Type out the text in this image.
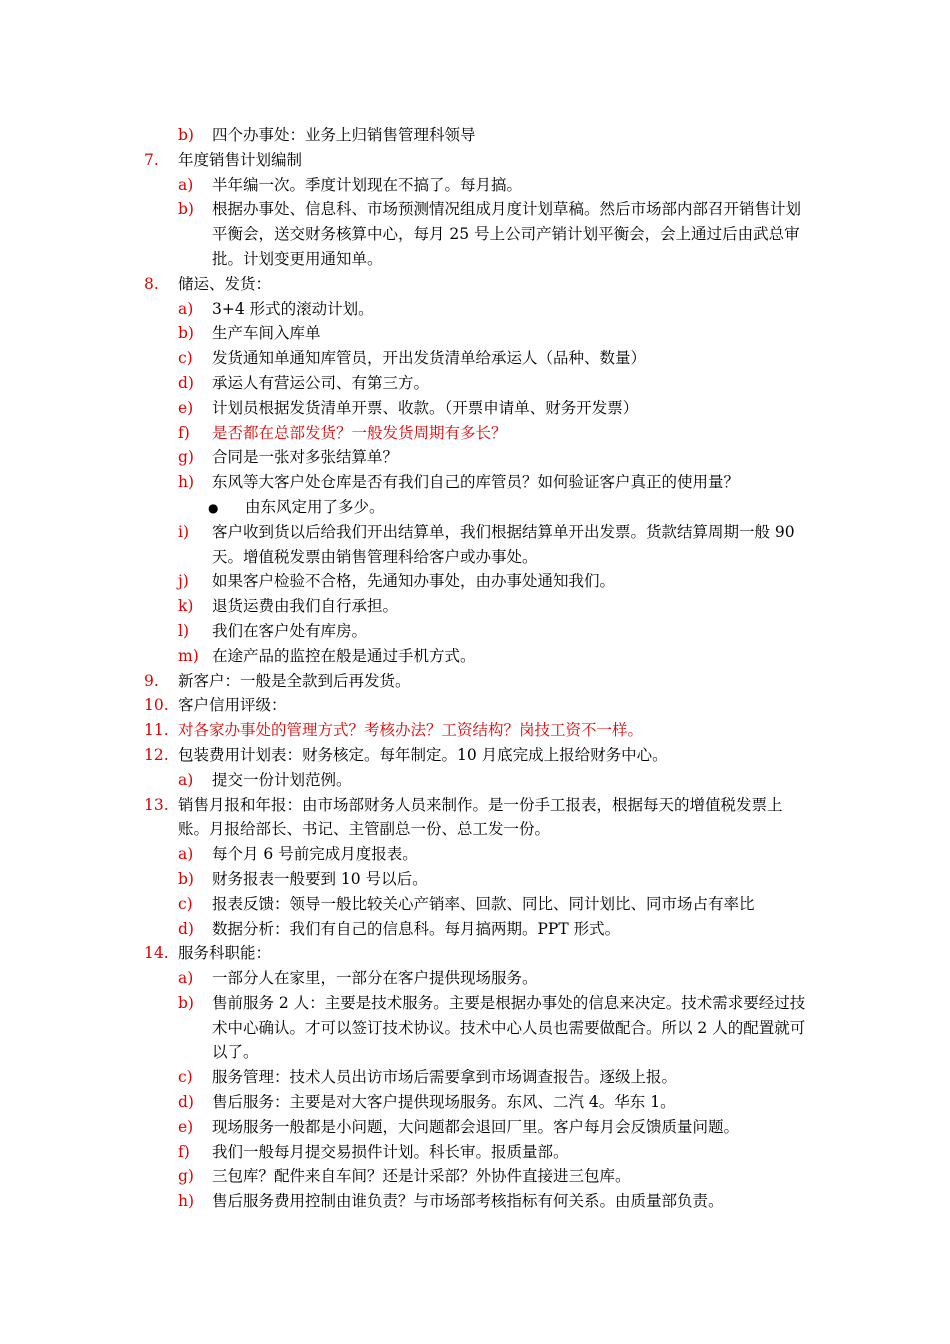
b) 四个办事处：业务上归销售管理科领导
7. 年度销售计划编制
a) 半年编一次。季度计划现在不搞了。每月搞。
b) 根据办事处、信息科、市场预测情况组成月度计划草稿。然后市场部内部召开销售计划平衡会，送交财务核算中心，每月 25 号上公司产销计划平衡会，会上通过后由武总审批。计划变更用通知单。
8. 储运、发货：
a) 3+4 形式的滚动计划。
b) 生产车间入库单
c) 发货通知单通知库管员，开出发货清单给承运人（品种、数量）
d) 承运人有营运公司、有第三方。
e) 计划员根据发货清单开票、收款。（开票申请单、财务开发票）
f) 是否都在总部发货？一般发货周期有多长？
g) 合同是一张对多张结算单？
h) 东风等大客户处仓库是否有我们自己的库管员？如何验证客户真正的使用量？
● 由东风定用了多少。
i) 客户收到货以后给我们开出结算单，我们根据结算单开出发票。货款结算周期一般 90 天。增值税发票由销售管理科给客户或办事处。
j) 如果客户检验不合格，先通知办事处，由办事处通知我们。
k) 退货运费由我们自行承担。
l) 我们在客户处有库房。
m) 在途产品的监控在般是通过手机方式。
9. 新客户：一般是全款到后再发货。
10. 客户信用评级：
11. 对各家办事处的管理方式？考核办法？工资结构？岗技工资不一样。
12. 包装费用计划表：财务核定。每年制定。10 月底完成上报给财务中心。
a) 提交一份计划范例。
13. 销售月报和年报：由市场部财务人员来制作。是一份手工报表，根据每天的增值税发票上账。月报给部长、书记、主管副总一份、总工发一份。
a) 每个月 6 号前完成月度报表。
b) 财务报表一般要到 10 号以后。
c) 报表反馈：领导一般比较关心产销率、回款、同比、同计划比、同市场占有率比
d) 数据分析：我们有自己的信息科。每月搞两期。PPT 形式。
14. 服务科职能：
a) 一部分人在家里，一部分在客户提供现场服务。
b) 售前服务 2 人：主要是技术服务。主要是根据办事处的信息来决定。技术需求要经过技术中心确认。才可以签订技术协议。技术中心人员也需要做配合。所以 2 人的配置就可以了。
c) 服务管理：技术人员出访市场后需要拿到市场调查报告。逐级上报。
d) 售后服务：主要是对大客户提供现场服务。东风、二汽 4。华东 1。
e) 现场服务一般都是小问题，大问题都会退回厂里。客户每月会反馈质量问题。
f) 我们一般每月提交易损件计划。科长审。报质量部。
g) 三包库？配件来自车间？还是计采部？外协件直接进三包库。
h) 售后服务费用控制由谁负责？与市场部考核指标有何关系。由质量部负责。
